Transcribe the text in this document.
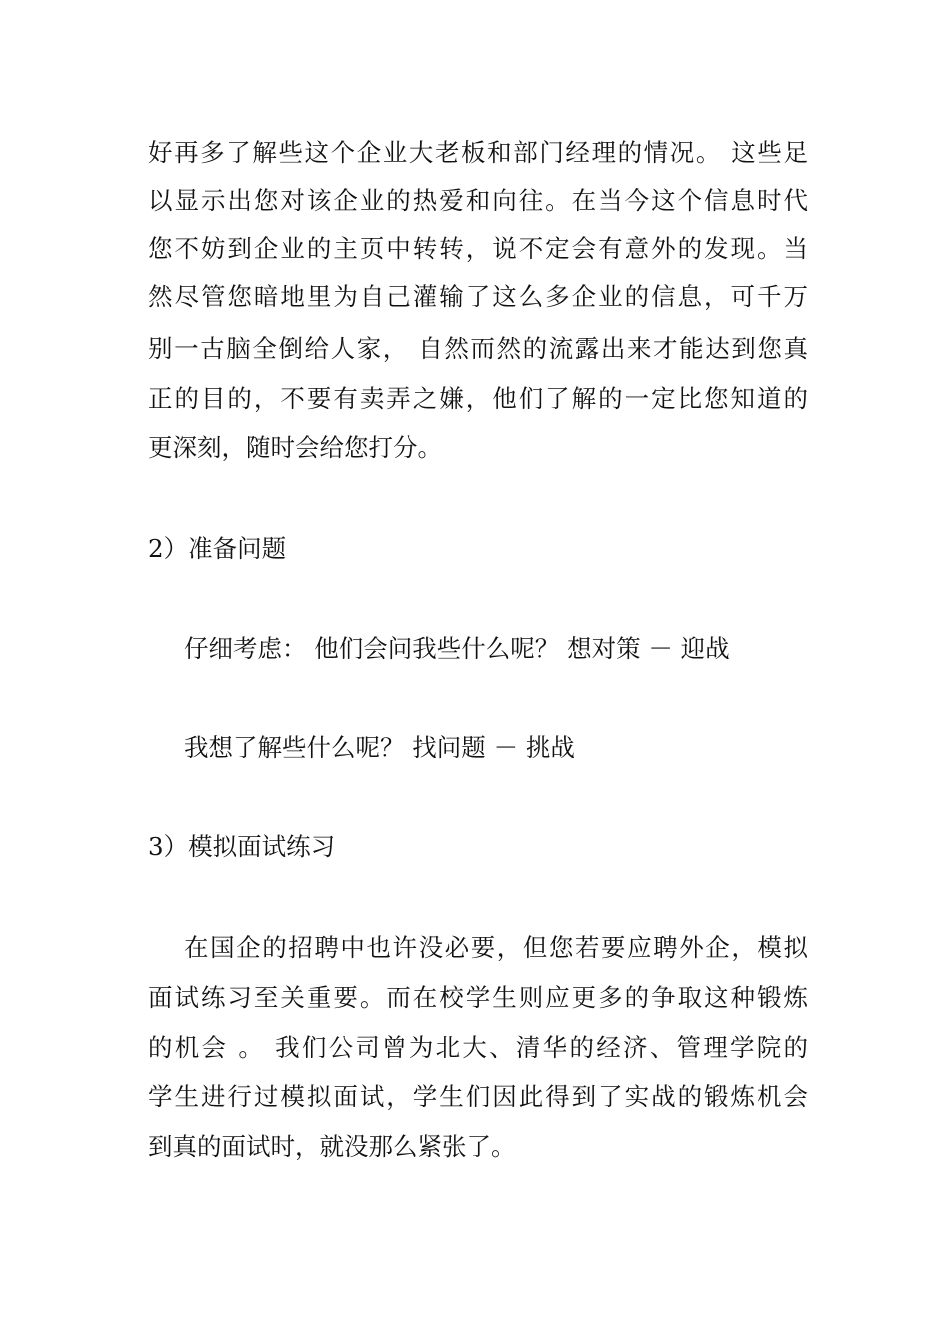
好再多了解些这个企业大老板和部门经理的情况。 这些足
以显示出您对该企业的热爱和向往。在当今这个信息时代
您不妨到企业的主页中转转，说不定会有意外的发现。当
然尽管您暗地里为自己灌输了这么多企业的信息，可千万
别一古脑全倒给人家， 自然而然的流露出来才能达到您真
正的目的，不要有卖弄之嫌，他们了解的一定比您知道的
更深刻，随时会给您打分。
2）准备问题
仔细考虑： 他们会问我些什么呢？ 想对策 － 迎战
我想了解些什么呢？ 找问题 － 挑战
3）模拟面试练习
在国企的招聘中也许没必要，但您若要应聘外企，模拟
面试练习至关重要。而在校学生则应更多的争取这种锻炼
的机会 。 我们公司曾为北大、清华的经济、管理学院的
学生进行过模拟面试，学生们因此得到了实战的锻炼机会
到真的面试时，就没那么紧张了。
